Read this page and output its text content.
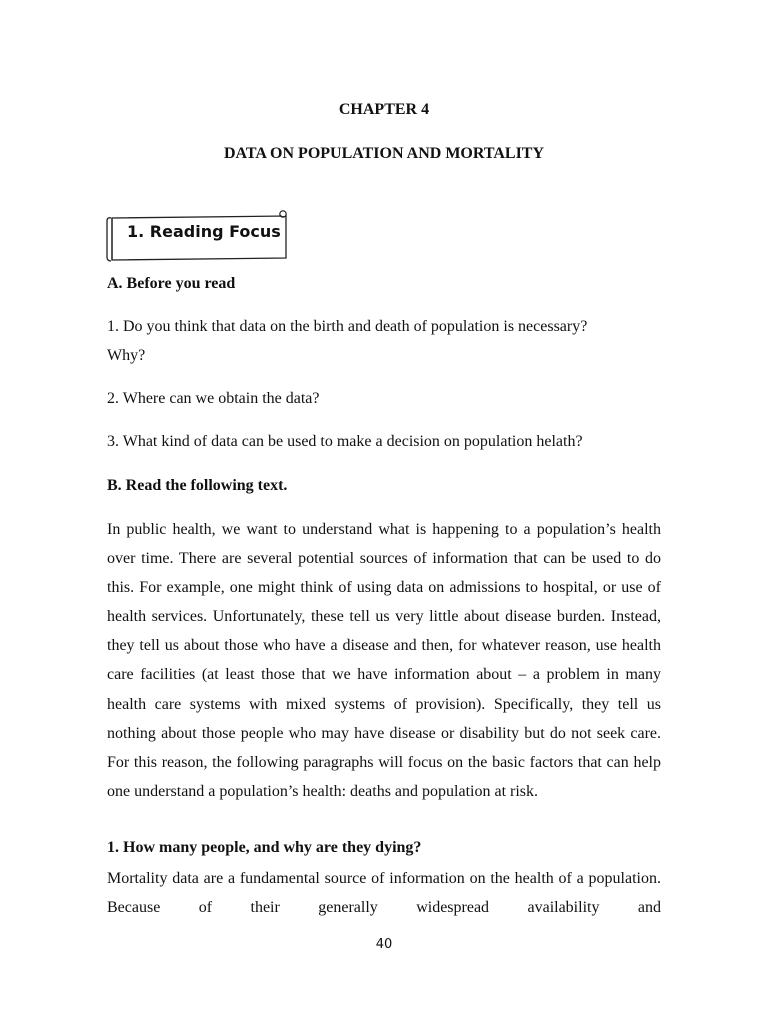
CHAPTER 4
DATA ON POPULATION AND MORTALITY
1. Reading Focus
A. Before you read
1. Do you think that data on the birth and death of population is necessary?
Why?
2. Where can we obtain the data?
3. What kind of data can be used to make a decision on population helath?
B. Read the following text.

In public health, we want to understand what is happening to a population’s health over time. There are several potential sources of information that can be used to do this. For example, one might think of using data on admissions to hospital, or use of health services. Unfortunately, these tell us very little about disease burden. Instead, they tell us about those who have a disease and then, for whatever reason, use health care facilities (at least those that we have information about – a problem in many health care systems with mixed systems of provision). Specifically, they tell us nothing about those people who may have disease or disability but do not seek care. For this reason, the following paragraphs will focus on the basic factors that can help one understand a population’s health: deaths and population at risk.

1. How many people, and why are they dying?

Mortality data are a fundamental source of information on the health of a population. Because of their generally widespread availability and

40
